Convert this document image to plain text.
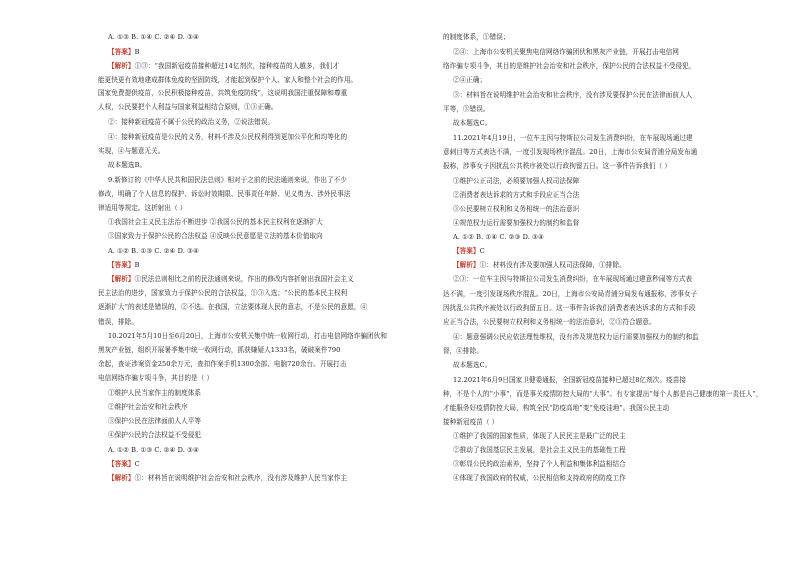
A. ①③ B. ①④ C. ②④ D. ③④
【答案】B
【解析】①③：“我国新冠疫苗接种超过14亿剂次，接种疫苗的人越多，我们才
能更快更有效地建成群体免疫的坚固防线，才能起到保护个人、家人和整个社会的作用。
国家免费提供疫苗，公民积极接种疫苗，共筑免疫防线”，这说明我国注重保障和尊重
人权，公民要把个人利益与国家利益相结合原则，①③正确。
②：接种新冠疫苗不属于公民的政治义务，②说法错误。
④：接种新冠疫苗是公民的义务，材料不涉及公民权利得到更加公平化和均等化的
实现，④与题意无关。
故本题选B。
9.新修订的《中华人民共和国民法总则》相对于之前的民法通则来说，作出了不少
修改，明确了个人信息的保护、诉讼时效期限、民事责任年龄、见义勇为、涉外民事法
律适用等规定。这折射出（ ）
①我国社会主义民主法治不断进步 ②我国公民的基本民主权利在逐渐扩大
③国家致力于保护公民的合法权益 ④反映公民意愿是立法的基本价值取向
A. ①② B. ①③ C. ②④ D. ③④
【答案】B
【解析】①民法总则相比之前的民法通则来说，作出的修改内容折射出我国社会主义
民主法治的进步，国家致力于保护公民的合法权益，①③入选；“公民的基本民主权利
逐渐扩大”的表述是错误的，②不选。在我国，立法要体现人民的意志，不是公民的意愿，④
错误，排除。
10.2021年5月10日至6月20日，上海市公安机关集中统一收网行动，打击电信网络诈骗团伙和
黑灰产业链，组织开展暑季集中统一收网行动，抓获嫌疑人1333名，破破案件790
余起，查证涉案资金250余万元，查扣作案手机1300余部、电脑720余台。开展打击
电信网络诈骗专项斗争，其目的是（ ）
①维护人民当家作主的制度体系
②维护社会治安和社会秩序
③保护公民在法律面前人人平等
④保护公民的合法权益不受侵犯
A. ①② B. ①③ C. ②④ D. ③④
【答案】C
【解析】①：材料旨在说明维护社会治安和社会秩序，没有涉及维护人民当家作主
的制度体系，①错误；
②④：上海市公安机关聚焦电信网络诈骗团伙和黑灰产业链，开展打击电信网
络诈骗专项斗争，其目的是维护社会治安和社会秩序，保护公民的合法权益不受侵犯，
②④正确；
③：材料旨在说明维护社会治安和社会秩序，没有涉及要保护公民在法律面前人人
平等，③错误。
故本题选C。
11.2021年4月19日，一位车主因与特斯拉公司发生消费纠纷，在车展现场通过建
意刺目等方式表达不满，一度引发现场秩序混乱。20日，上海市公安局青浦分局发布通
报称，涉事女子因扰乱公共秩序被处以行政拘留五日。这一事件告诉我们（ ）
①维护公正司法，必须要加强人权司法保障
②消费者表达诉求的方式和手段应正当合法
③公民要树立权利和义务相统一的法治意识
④规范权力运行需要加强权力的制约和监督
A. ①② B. ①④ C. ②③ D. ③④
【答案】C
【解析】①：材料没有涉及要加强人权司法保障，①排除。
②③：一位车主因与特斯拉公司发生消费纠纷，在车展现场通过建意秒闹等方式表
达不满，一度引发现场秩序混乱。20日，上海市公安局青浦分局发布通报称，涉事女子
因扰乱公共秩序被处以行政拘留五日。这一事件告诉我们消费者表达诉求的方式和手段
应正当合法，公民要树立权利和义务相统一的法治意识，②③符合题意。
④：题意强调公民应依法理性维权，没有涉及规范权力运行需要加强权力的制约和监
督，④排除。
故本题选C。
12.2021年6月9日国家卫健委通报，全国新冠疫苗接种已超过8亿剂次。疫苗接
种，不是个人的“小事”，而是事关疫情防控大局的“大事”。有专家提出“每个人都是自己健康的第一责任人”，
才能服务好疫情防控大局，构筑全民“防疫高地”变“免疫洼地”。我国公民主动
接种新冠疫苗（ ）
①维护了我国的国家性质，体现了人民民主是最广泛的民主
②推动了我国基层民主发展，是社会主义民主的基础性工程
③彰显公民的政治素养，坚持了个人利益和集体利益相结合
④体现了我国政府的权威，公民相信和支持政府的防疫工作
